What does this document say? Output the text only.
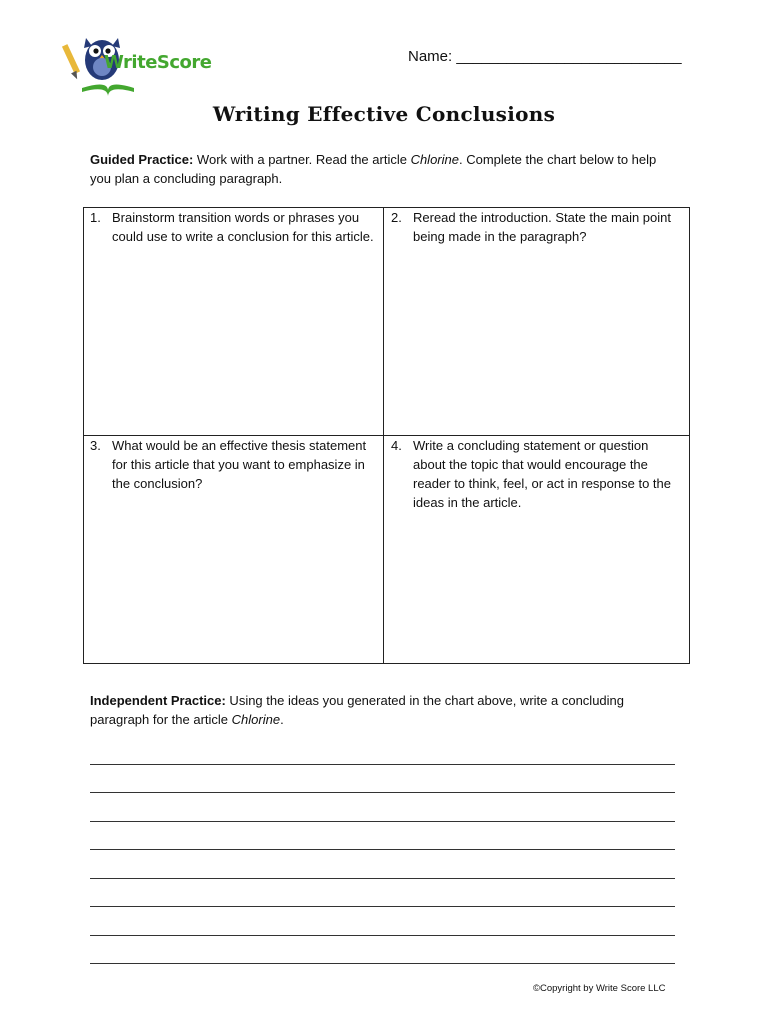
WriteScore	Name: ___________________________
Writing Effective Conclusions
Guided Practice: Work with a partner. Read the article Chlorine. Complete the chart below to help you plan a concluding paragraph.
1. Brainstorm transition words or phrases you could use to write a conclusion for this article.
2. Reread the introduction. State the main point being made in the paragraph?
3. What would be an effective thesis statement for this article that you want to emphasize in the conclusion?
4. Write a concluding statement or question about the topic that would encourage the reader to think, feel, or act in response to the ideas in the article.
Independent Practice: Using the ideas you generated in the chart above, write a concluding paragraph for the article Chlorine.
©Copyright by Write Score LLC
